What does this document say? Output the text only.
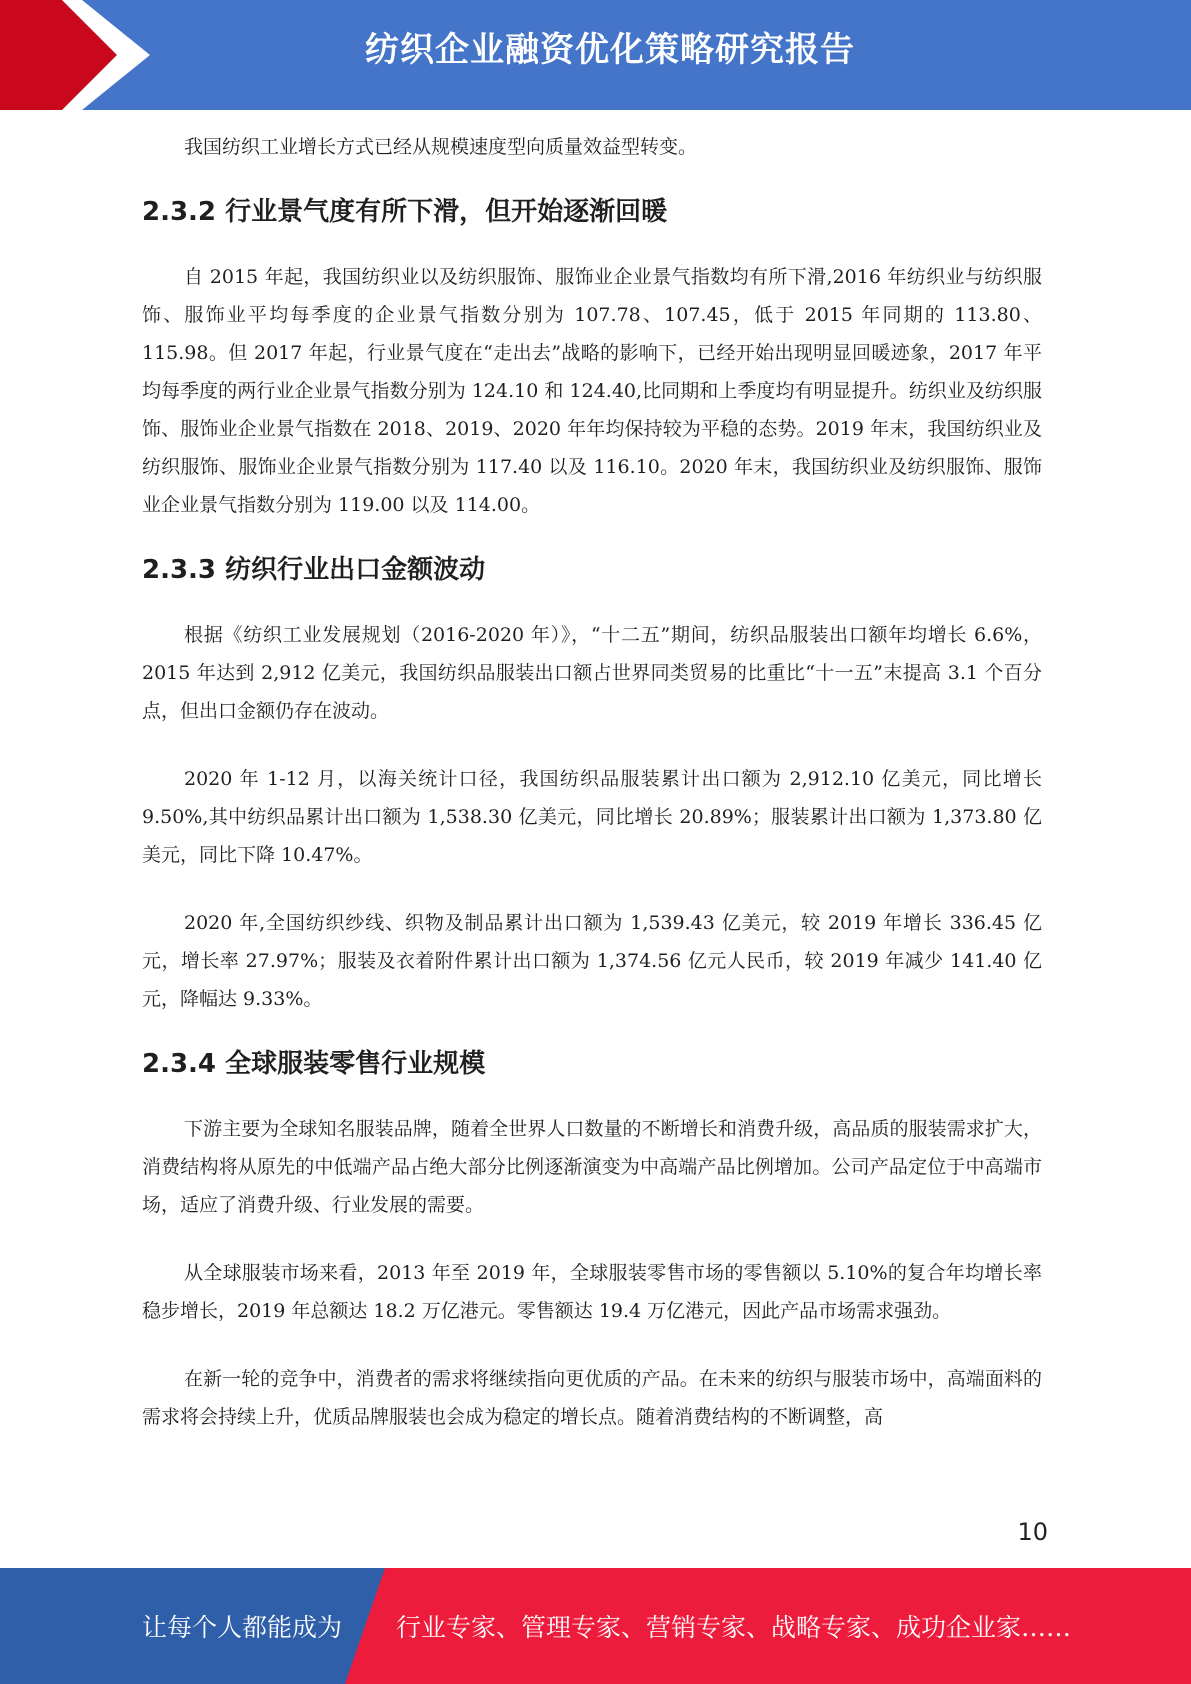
纺织企业融资优化策略研究报告

我国纺织工业增长方式已经从规模速度型向质量效益型转变。

2.3.2 行业景气度有所下滑，但开始逐渐回暖

自 2015 年起，我国纺织业以及纺织服饰、服饰业企业景气指数均有所下滑,2016 年纺织业与纺织服饰、服饰业平均每季度的企业景气指数分别为 107.78、107.45，低于 2015 年同期的 113.80、115.98。但 2017 年起，行业景气度在“走出去”战略的影响下，已经开始出现明显回暖迹象，2017 年平均每季度的两行业企业景气指数分别为 124.10 和 124.40,比同期和上季度均有明显提升。纺织业及纺织服饰、服饰业企业景气指数在 2018、2019、2020 年年均保持较为平稳的态势。2019 年末，我国纺织业及纺织服饰、服饰业企业景气指数分别为 117.40 以及 116.10。2020 年末，我国纺织业及纺织服饰、服饰业企业景气指数分别为 119.00 以及 114.00。

2.3.3 纺织行业出口金额波动

根据《纺织工业发展规划（2016-2020 年）》，“十二五”期间，纺织品服装出口额年均增长 6.6%，2015 年达到 2,912 亿美元，我国纺织品服装出口额占世界同类贸易的比重比“十一五”末提高 3.1 个百分点，但出口金额仍存在波动。

2020 年 1-12 月，以海关统计口径，我国纺织品服装累计出口额为 2,912.10 亿美元，同比增长 9.50%,其中纺织品累计出口额为 1,538.30 亿美元，同比增长 20.89%；服装累计出口额为 1,373.80 亿美元，同比下降 10.47%。

2020 年,全国纺织纱线、织物及制品累计出口额为 1,539.43 亿美元，较 2019 年增长 336.45 亿元，增长率 27.97%；服装及衣着附件累计出口额为 1,374.56 亿元人民币，较 2019 年减少 141.40 亿元，降幅达 9.33%。

2.3.4 全球服装零售行业规模

下游主要为全球知名服装品牌，随着全世界人口数量的不断增长和消费升级，高品质的服装需求扩大，消费结构将从原先的中低端产品占绝大部分比例逐渐演变为中高端产品比例增加。公司产品定位于中高端市场，适应了消费升级、行业发展的需要。

从全球服装市场来看，2013 年至 2019 年，全球服装零售市场的零售额以 5.10%的复合年均增长率稳步增长，2019 年总额达 18.2 万亿港元。零售额达 19.4 万亿港元，因此产品市场需求强劲。

在新一轮的竞争中，消费者的需求将继续指向更优质的产品。在未来的纺织与服装市场中，高端面料的需求将会持续上升，优质品牌服装也会成为稳定的增长点。随着消费结构的不断调整，高

10
让每个人都能成为 行业专家、管理专家、营销专家、战略专家、成功企业家……
